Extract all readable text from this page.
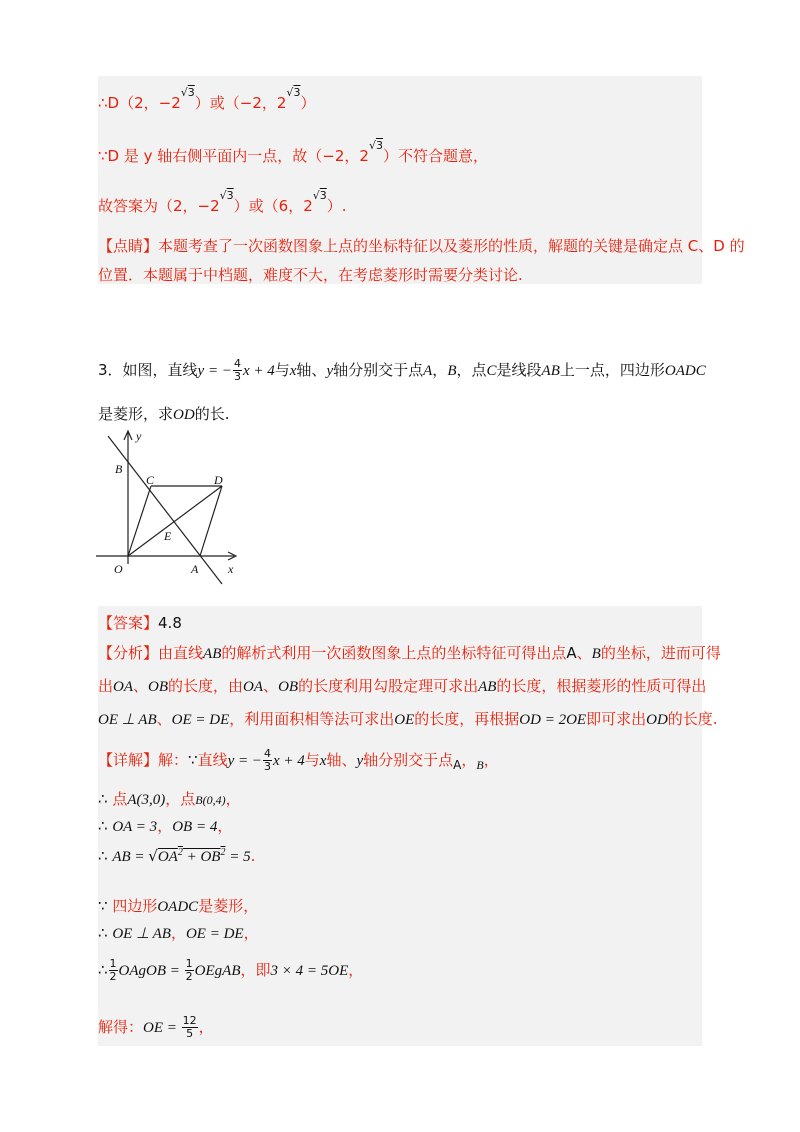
∴D（2，$-2^{√3}$）或（−2，$2^{√3}$）
∵D 是 y 轴右侧平面内一点，故（−2，$2^{√3}$）不符合题意，
故答案为（2，$-2^{√3}$）或（6，$2^{√3}$）.
【点睛】本题考查了一次函数图象上点的坐标特征以及菱形的性质，解题的关键是确定点 C、D 的
位置．本题属于中档题，难度不大，在考虑菱形时需要分类讨论.
3．如图，直线y = − $\frac{4}{3}$ x + 4与x轴、y轴分别交于点A，B，点C是线段AB上一点，四边形OADC
是菱形，求OD的长.
y
B
C	D
E
O	A x
【答案】4.8
【分析】由直线AB的解析式利用一次函数图象上点的坐标特征可得出点A、B的坐标，进而可得
出OA、OB的长度，由OA、OB的长度利用勾股定理可求出AB的长度，根据菱形的性质可得出
OE ⊥ AB、OE = DE，利用面积相等法可求出OE的长度，再根据OD = 2OE即可求出OD的长度.
【详解】解：∵直线y = − $\frac{4}{3}$ x + 4与x轴、y轴分别交于点$_A$，$_B$，
∴ 点A(3,0)，点B(0,4)，
∴ OA = 3，OB = 4，
∴ AB = $√OA^2 + OB^2 = 5$.
∵ 四边形OADC是菱形，
∴ OE ⊥ AB，OE = DE，
∴ $\frac{1}{2}$ OAgOB = $\frac{1}{2}$ OEgAB，即3 × 4 = 5OE，
解得：OE = $\frac{12}{5}$ ，
